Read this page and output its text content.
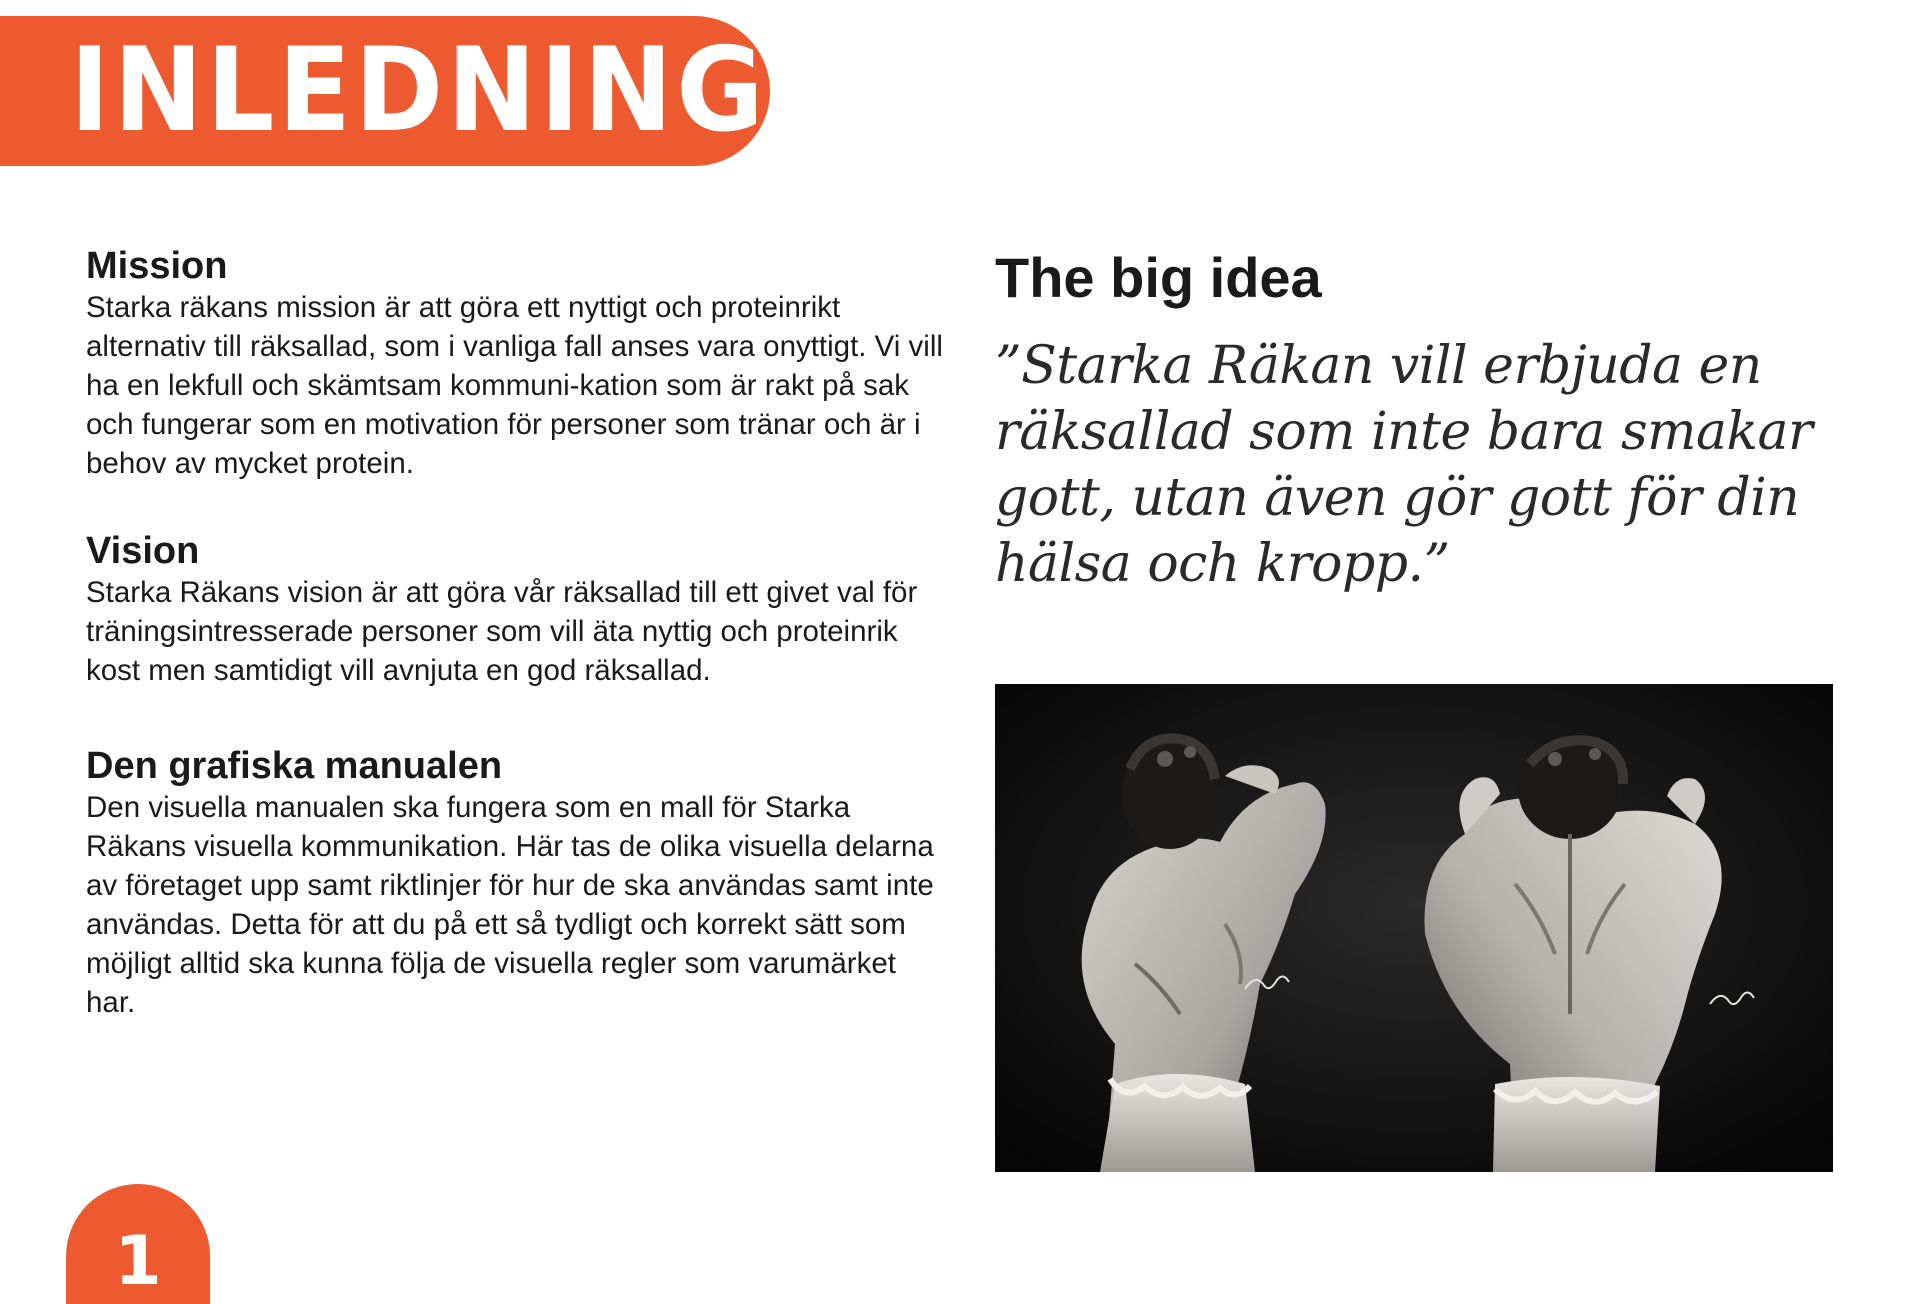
INLEDNING
Mission

Starka räkans mission är att göra ett nyttigt och proteinrikt alternativ till räksallad, som i vanliga fall anses vara onyttigt. Vi vill ha en lekfull och skämtsam kommuni-kation som är rakt på sak och fungerar som en motivation för personer som tränar och är i behov av mycket protein.

Vision

Starka Räkans vision är att göra vår räksallad till ett givet val för träningsintresserade personer som vill äta nyttig och proteinrik kost men samtidigt vill avnjuta en god räksallad.

Den grafiska manualen

Den visuella manualen ska fungera som en mall för Starka Räkans visuella kommunikation. Här tas de olika visuella delarna av företaget upp samt riktlinjer för hur de ska användas samt inte användas. Detta för att du på ett så tydligt och korrekt sätt som möjligt alltid ska kunna följa de visuella regler som varumärket har.

The big idea

”Starka Räkan vill erbjuda en räksallad som inte bara smakar gott, utan även gör gott för din hälsa och kropp.”

1
